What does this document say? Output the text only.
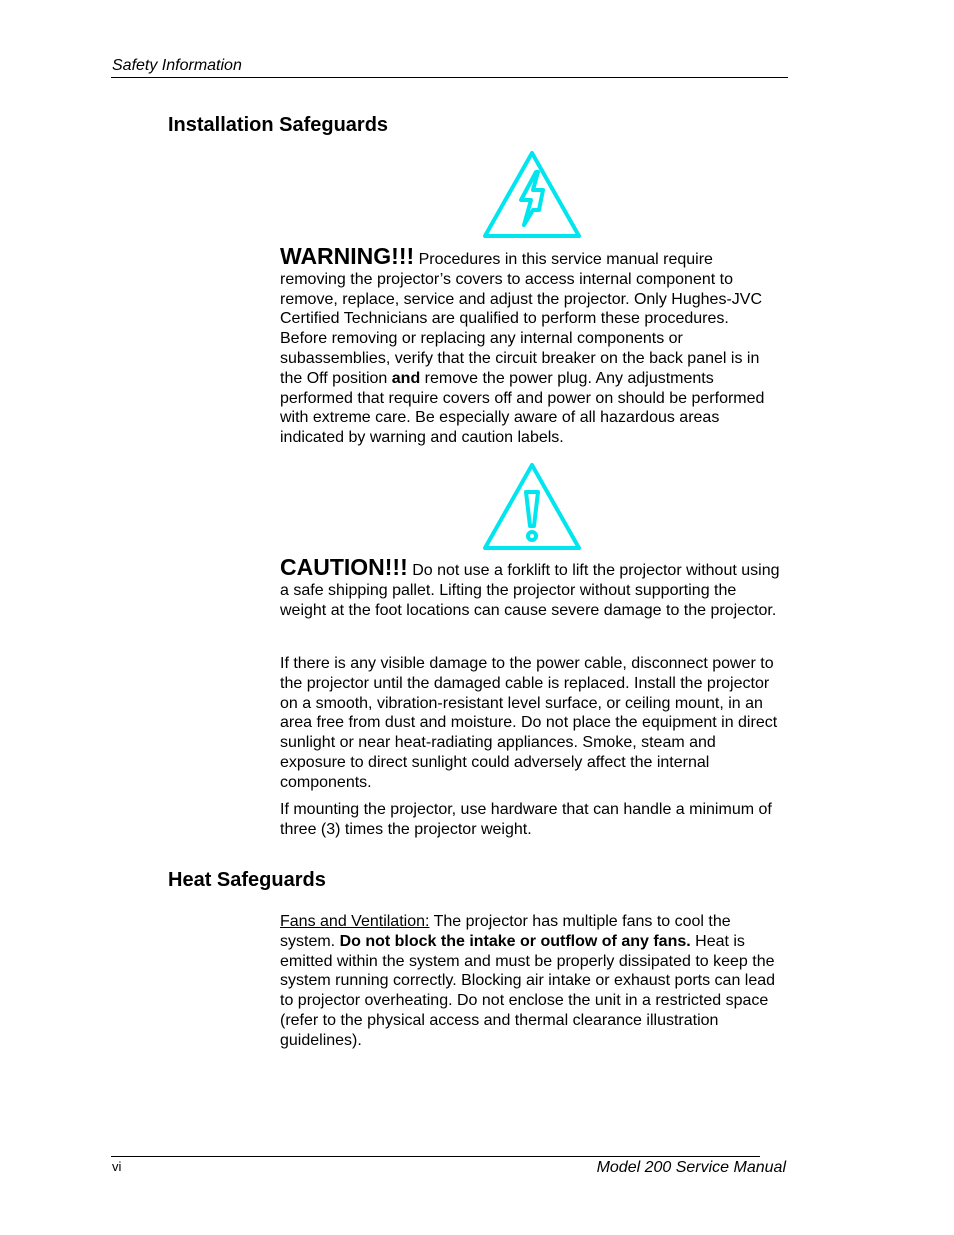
Safety Information
Installation Safeguards
WARNING!!! Procedures in this service manual require removing the projector’s covers to access internal component to remove, replace, service and adjust the projector. Only Hughes-JVC Certified Technicians are qualified to perform these procedures. Before removing or replacing any internal components or subassemblies, verify that the circuit breaker on the back panel is in the Off position and remove the power plug. Any adjustments performed that require covers off and power on should be performed with extreme care. Be especially aware of all hazardous areas indicated by warning and caution labels.
CAUTION!!! Do not use a forklift to lift the projector without using a safe shipping pallet. Lifting the projector without supporting the weight at the foot locations can cause severe damage to the projector.
If there is any visible damage to the power cable, disconnect power to the projector until the damaged cable is replaced. Install the projector on a smooth, vibration-resistant level surface, or ceiling mount, in an area free from dust and moisture. Do not place the equipment in direct sunlight or near heat-radiating appliances. Smoke, steam and exposure to direct sunlight could adversely affect the internal components.
If mounting the projector, use hardware that can handle a minimum of three (3) times the projector weight.
Heat Safeguards
Fans and Ventilation: The projector has multiple fans to cool the system. Do not block the intake or outflow of any fans. Heat is emitted within the system and must be properly dissipated to keep the system running correctly. Blocking air intake or exhaust ports can lead to projector overheating. Do not enclose the unit in a restricted space (refer to the physical access and thermal clearance illustration guidelines).
vi	Model 200 Service Manual
